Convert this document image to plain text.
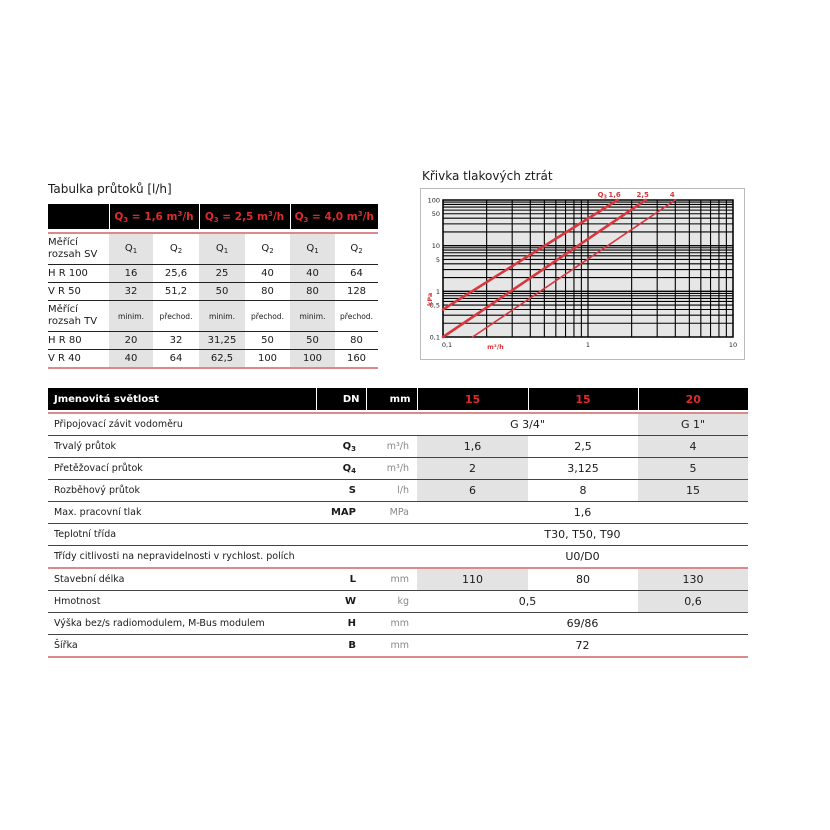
Tabulka průtoků [l/h]
	$Q_3 = 1,6$ $m^3/h$		$Q_3 = 2,5$ $m^3/h$		$Q_3 = 4,0$ $m^3/h$	

Měřící rozsah SV	$Q_1$	$Q_2$	$Q_1$	$Q_2$	$Q_1$	$Q_2$
H R 100	16	25,6	25	40	40	64
V R 50	32	51,2	50	80	80	128
Měřící rozsah TV	minim.	přechod.	minim.	přechod.	minim.	přechod.
H R 80	20	32	31,25	50	50	80
V R 40	40	64	62,5	100	100	160
Křivka tlakových ztrát
1,6 2,5	4
$Q_3$
100
50
10
5
1
0,5
0,1
0,1	1	10
m³/h
kPa
Jmenovitá světlost	DN	mm	15	15	20

Připojovací závit vodoměru			G 3/4"		G 1"
Trvalý průtok	$Q_3$	m³/h	1,6	2,5	4
Přetěžovací průtok	$Q_4$	m³/h	2	3,125	5
Rozběhový průtok	S	l/h	6	8	15
Max. pracovní tlak	MAP	MPa	1,6		
Teplotní třída			T30, T50, T90		
Třídy citlivosti na nepravidelnosti v rychlost. polích			U0/D0		
Stavební délka	L	mm	110	80	130
Hmotnost	W	kg	0,5		0,6
Výška bez/s radiomodulem, M-Bus modulem	H	mm	69/86		
Šířka	B	mm	72		
